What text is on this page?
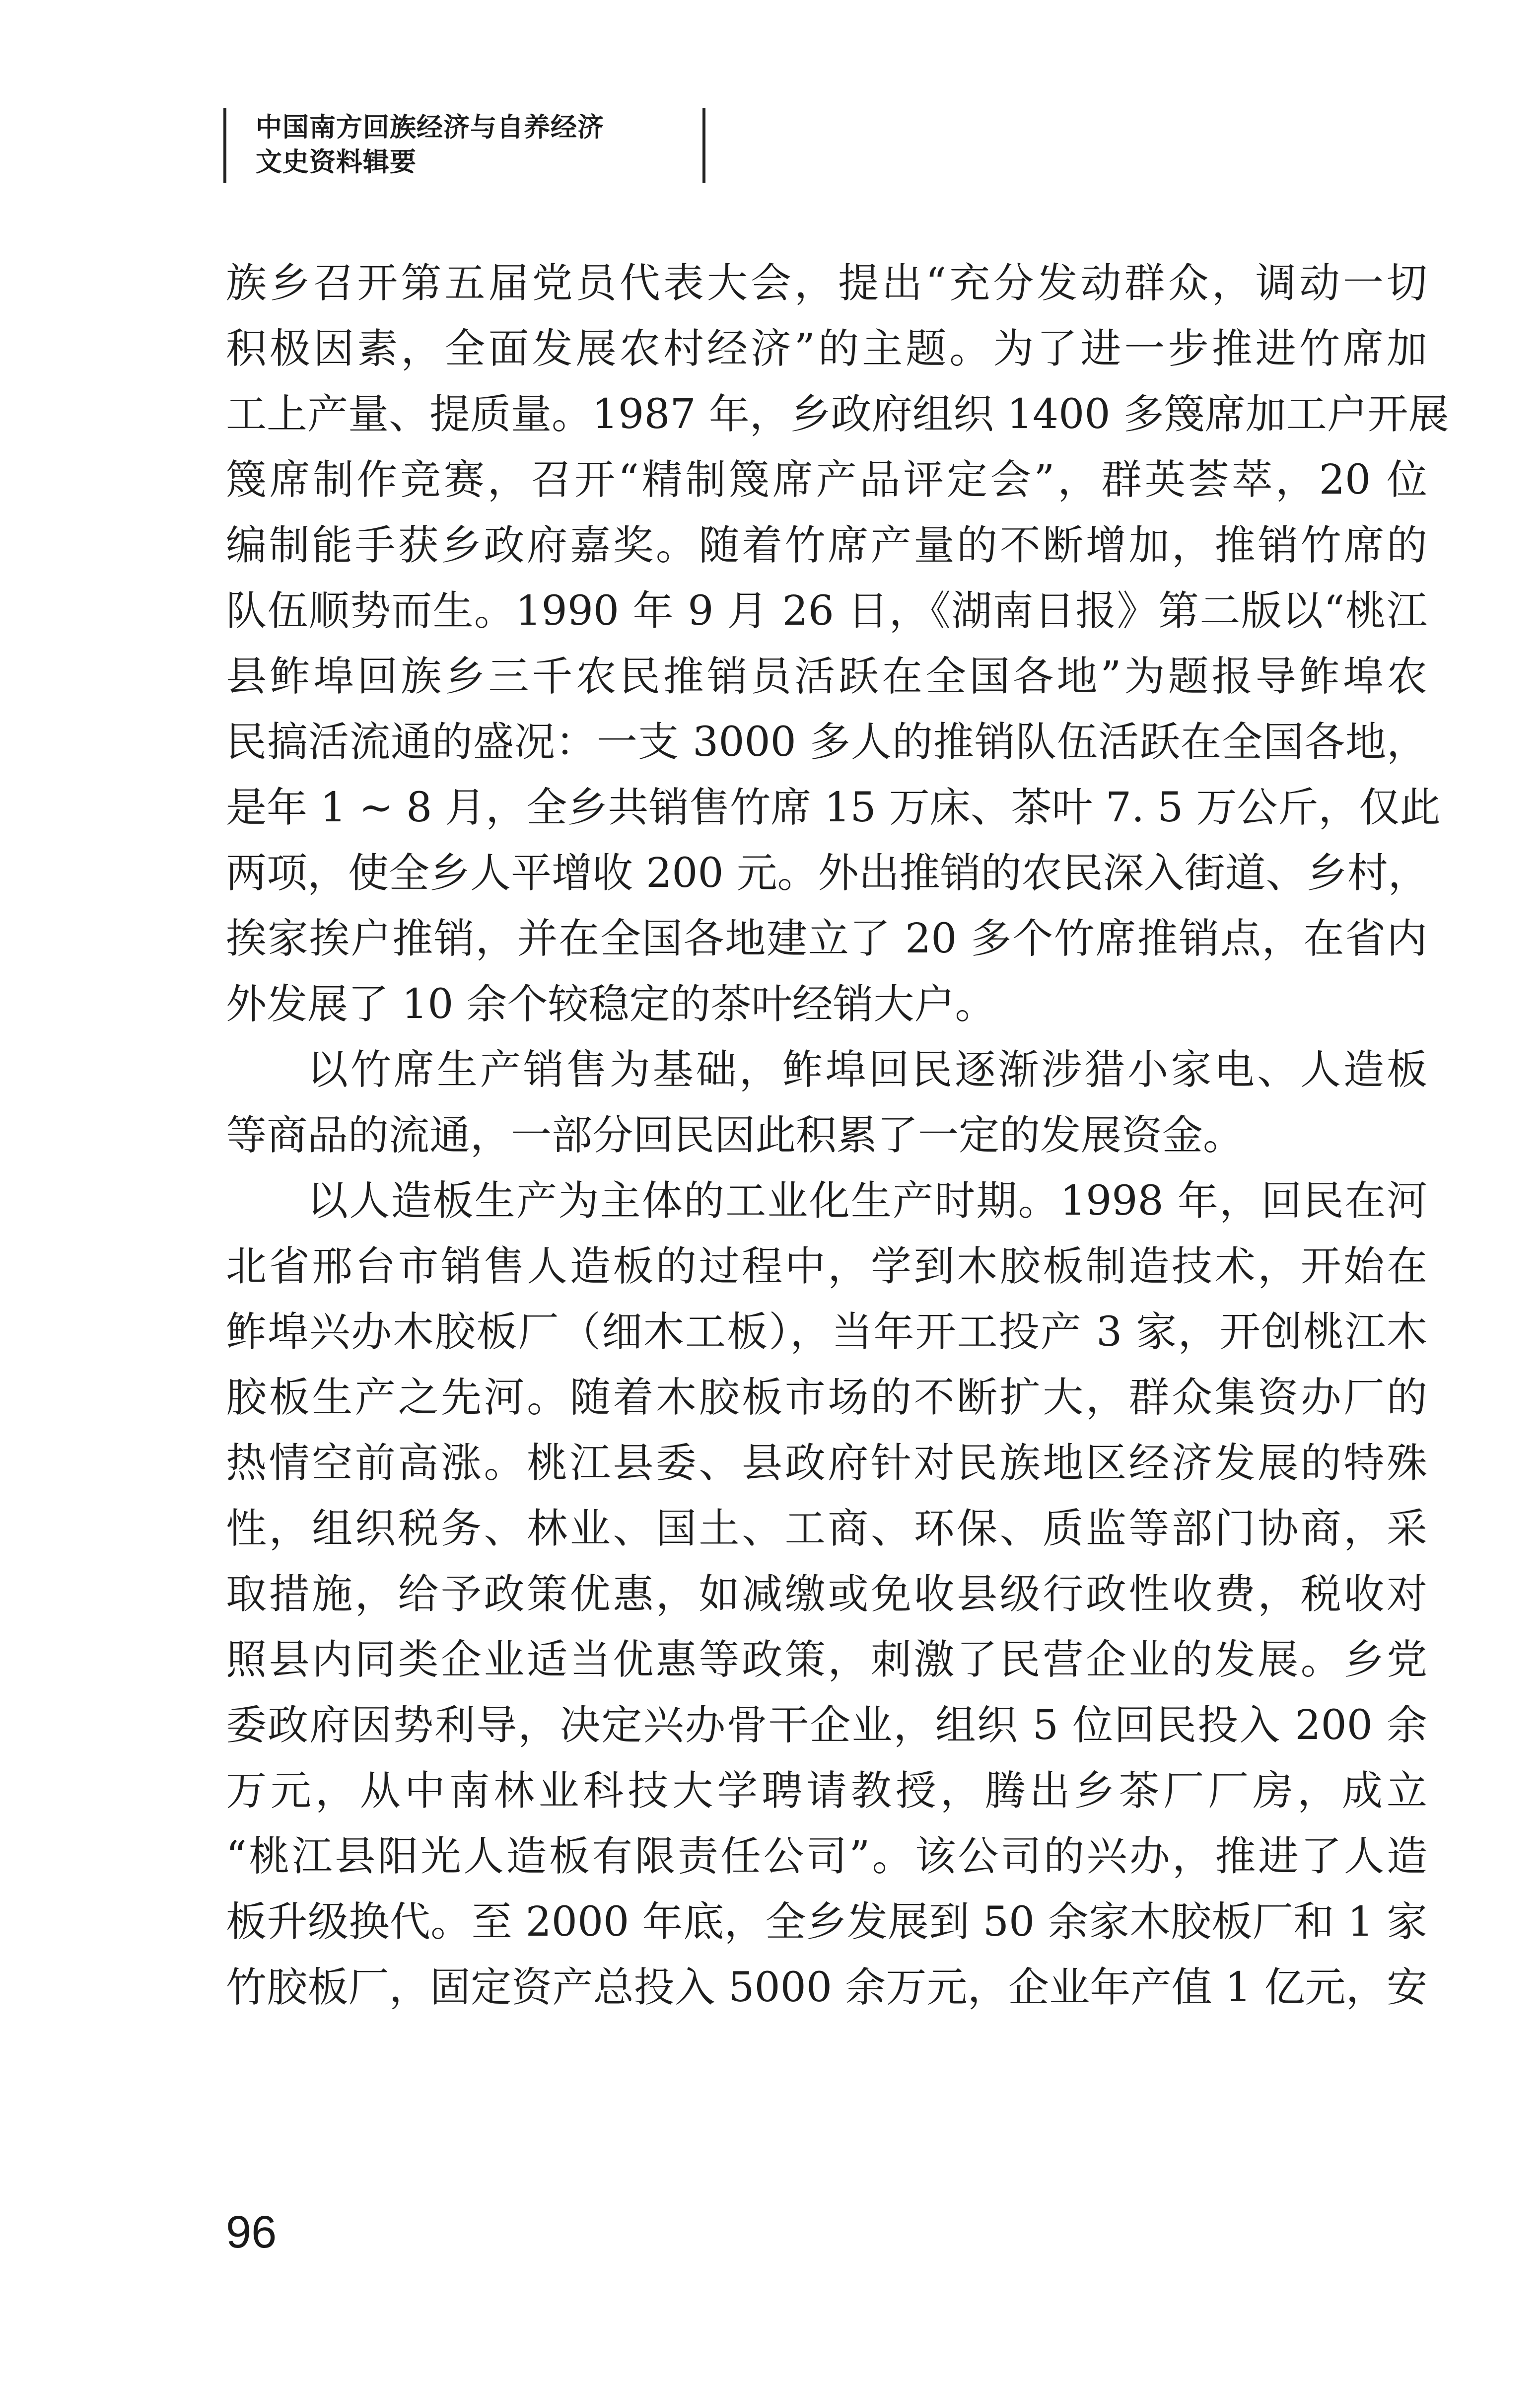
中国南方回族经济与自养经济
文史资料辑要
族乡召开第五届党员代表大会，提出“充分发动群众，调动一切
积极因素，全面发展农村经济”的主题。为了进一步推进竹席加
工上产量、提质量。1987 年，乡政府组织 1400 多篾席加工户开展
篾席制作竞赛，召开“精制篾席产品评定会”，群英荟萃，20 位
编制能手获乡政府嘉奖。随着竹席产量的不断增加，推销竹席的
队伍顺势而生。1990 年 9 月 26 日，《湖南日报》第二版以“桃江
县鲊埠回族乡三千农民推销员活跃在全国各地”为题报导鲊埠农
民搞活流通的盛况：一支 3000 多人的推销队伍活跃在全国各地，
是年 1 ~ 8 月，全乡共销售竹席 15 万床、茶叶 7. 5 万公斤，仅此
两项，使全乡人平增收 200 元。外出推销的农民深入街道、乡村，
挨家挨户推销，并在全国各地建立了 20 多个竹席推销点，在省内
外发展了 10 余个较稳定的茶叶经销大户。
以竹席生产销售为基础，鲊埠回民逐渐涉猎小家电、人造板
等商品的流通，一部分回民因此积累了一定的发展资金。
以人造板生产为主体的工业化生产时期。1998 年，回民在河
北省邢台市销售人造板的过程中，学到木胶板制造技术，开始在
鲊埠兴办木胶板厂（细木工板），当年开工投产 3 家，开创桃江木
胶板生产之先河。随着木胶板市场的不断扩大，群众集资办厂的
热情空前高涨。桃江县委、县政府针对民族地区经济发展的特殊
性，组织税务、林业、国土、工商、环保、质监等部门协商，采
取措施，给予政策优惠，如减缴或免收县级行政性收费，税收对
照县内同类企业适当优惠等政策，刺激了民营企业的发展。乡党
委政府因势利导，决定兴办骨干企业，组织 5 位回民投入 200 余
万元，从中南林业科技大学聘请教授，腾出乡茶厂厂房，成立
“桃江县阳光人造板有限责任公司”。该公司的兴办，推进了人造
板升级换代。至 2000 年底，全乡发展到 50 余家木胶板厂和 1 家
竹胶板厂，固定资产总投入 5000 余万元，企业年产值 1 亿元，安
96
